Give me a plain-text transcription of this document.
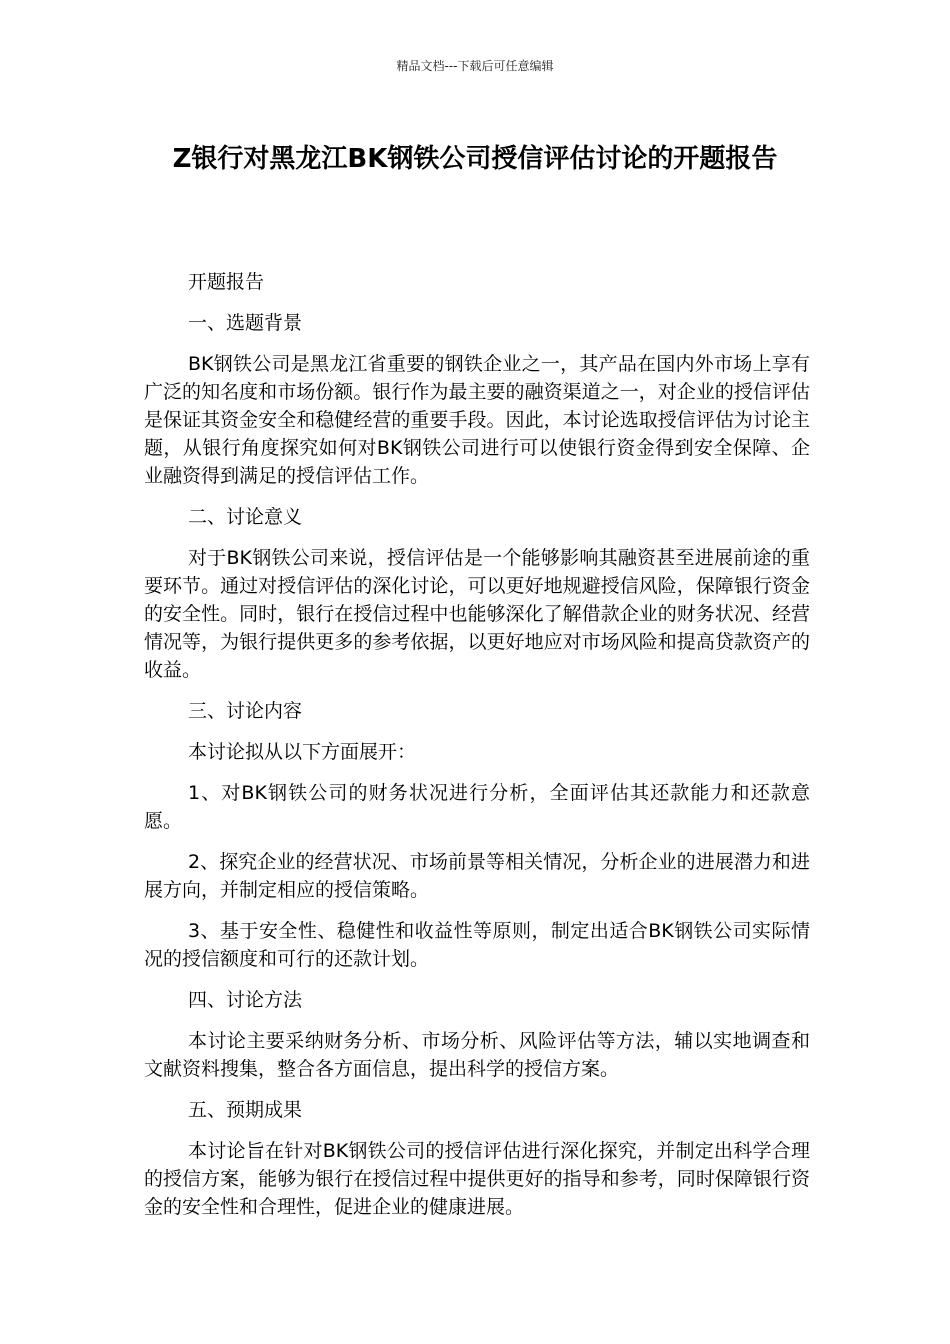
精品文档---下载后可任意编辑
Z银行对黑龙江BK钢铁公司授信评估讨论的开题报告

开题报告

一、选题背景

BK钢铁公司是黑龙江省重要的钢铁企业之一，其产品在国内外市场上享有广泛的知名度和市场份额。银行作为最主要的融资渠道之一，对企业的授信评估是保证其资金安全和稳健经营的重要手段。因此，本讨论选取授信评估为讨论主题，从银行角度探究如何对BK钢铁公司进行可以使银行资金得到安全保障、企业融资得到满足的授信评估工作。

二、讨论意义

对于BK钢铁公司来说，授信评估是一个能够影响其融资甚至进展前途的重要环节。通过对授信评估的深化讨论，可以更好地规避授信风险，保障银行资金的安全性。同时，银行在授信过程中也能够深化了解借款企业的财务状况、经营情况等，为银行提供更多的参考依据，以更好地应对市场风险和提高贷款资产的收益。

三、讨论内容

本讨论拟从以下方面展开：

1、对BK钢铁公司的财务状况进行分析，全面评估其还款能力和还款意愿。

2、探究企业的经营状况、市场前景等相关情况，分析企业的进展潜力和进展方向，并制定相应的授信策略。

3、基于安全性、稳健性和收益性等原则，制定出适合BK钢铁公司实际情况的授信额度和可行的还款计划。

四、讨论方法

本讨论主要采纳财务分析、市场分析、风险评估等方法，辅以实地调查和文献资料搜集，整合各方面信息，提出科学的授信方案。

五、预期成果

本讨论旨在针对BK钢铁公司的授信评估进行深化探究，并制定出科学合理的授信方案，能够为银行在授信过程中提供更好的指导和参考，同时保障银行资金的安全性和合理性，促进企业的健康进展。
